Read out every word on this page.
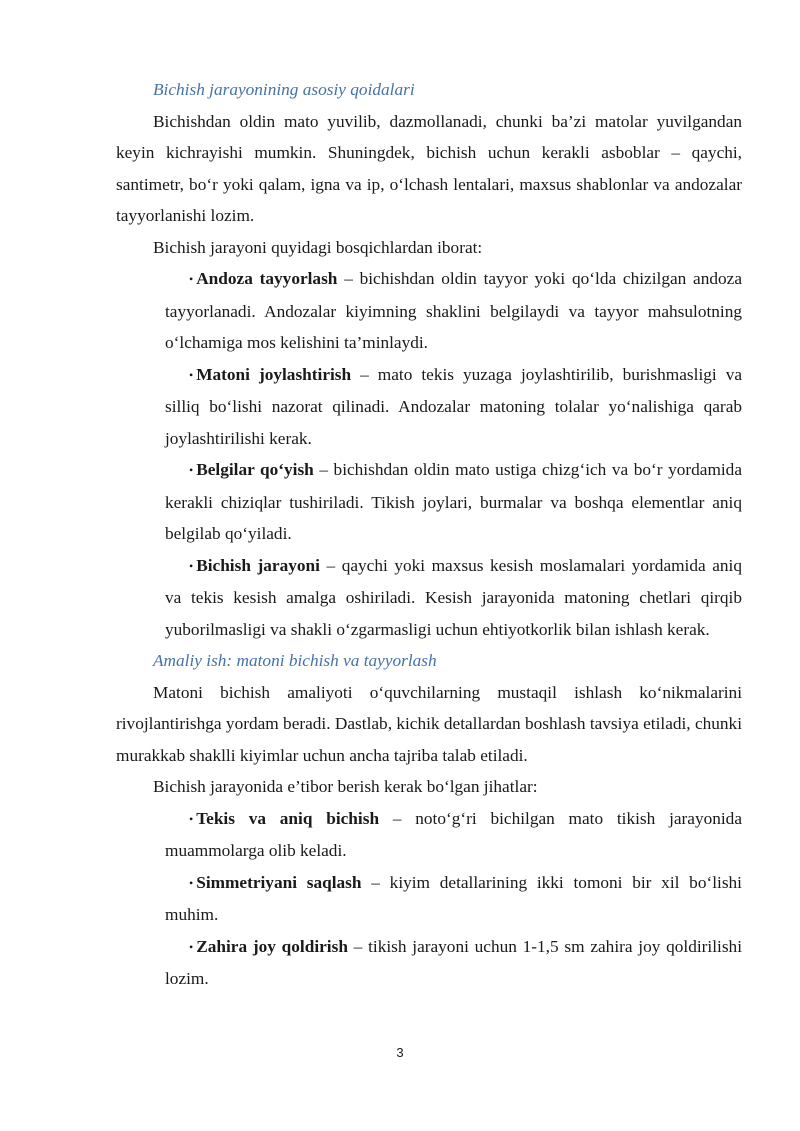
Bichish jarayonining asosiy qoidalari

Bichishdan oldin mato yuvilib, dazmollanadi, chunki ba’zi matolar yuvilgandan keyin kichrayishi mumkin. Shuningdek, bichish uchun kerakli asboblar – qaychi, santimetr, bo‘r yoki qalam, igna va ip, o‘lchash lentalari, maxsus shablonlar va andozalar tayyorlanishi lozim.

Bichish jarayoni quyidagi bosqichlardan iborat:

• Andoza tayyorlash – bichishdan oldin tayyor yoki qo‘lda chizilgan andoza tayyorlanadi. Andozalar kiyimning shaklini belgilaydi va tayyor mahsulotning o‘lchamiga mos kelishini ta’minlaydi.

• Matoni joylashtirish – mato tekis yuzaga joylashtirilib, burishmasligi va silliq bo‘lishi nazorat qilinadi. Andozalar matoning tolalar yo‘nalishiga qarab joylashtirilishi kerak.

• Belgilar qo‘yish – bichishdan oldin mato ustiga chizg‘ich va bo‘r yordamida kerakli chiziqlar tushiriladi. Tikish joylari, burmalar va boshqa elementlar aniq belgilab qo‘yiladi.

• Bichish jarayoni – qaychi yoki maxsus kesish moslamalari yordamida aniq va tekis kesish amalga oshiriladi. Kesish jarayonida matoning chetlari qirqib yuborilmasligi va shakli o‘zgarmasligi uchun ehtiyotkorlik bilan ishlash kerak.

Amaliy ish: matoni bichish va tayyorlash

Matoni bichish amaliyoti o‘quvchilarning mustaqil ishlash ko‘nikmalarini rivojlantirishga yordam beradi. Dastlab, kichik detallardan boshlash tavsiya etiladi, chunki murakkab shaklli kiyimlar uchun ancha tajriba talab etiladi.

Bichish jarayonida e’tibor berish kerak bo‘lgan jihatlar:

• Tekis va aniq bichish – noto‘g‘ri bichilgan mato tikish jarayonida muammolarga olib keladi.

• Simmetriyani saqlash – kiyim detallarining ikki tomoni bir xil bo‘lishi muhim.

• Zahira joy qoldirish – tikish jarayoni uchun 1-1,5 sm zahira joy qoldirilishi lozim.

3
